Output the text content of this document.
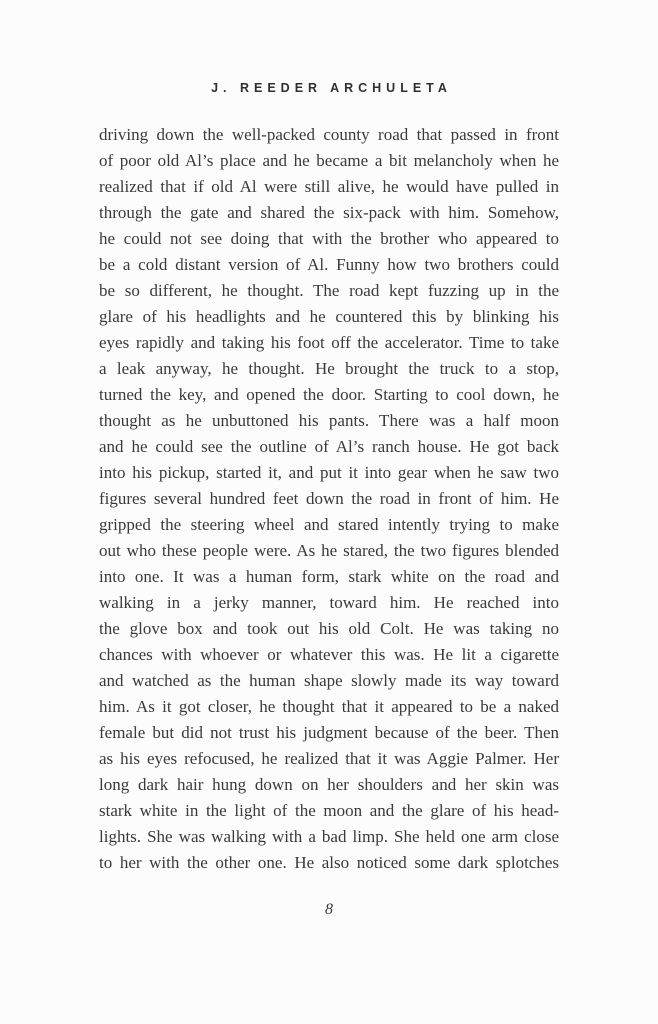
J. REEDER ARCHULETA

driving down the well-packed county road that passed in front

of poor old Al’s place and he became a bit melancholy when he

realized that if old Al were still alive, he would have pulled in

through the gate and shared the six-pack with him. Somehow,

he could not see doing that with the brother who appeared to

be a cold distant version of Al. Funny how two brothers could

be so different, he thought. The road kept fuzzing up in the

glare of his headlights and he countered this by blinking his

eyes rapidly and taking his foot off the accelerator. Time to take

a leak anyway, he thought. He brought the truck to a stop,

turned the key, and opened the door. Starting to cool down, he

thought as he unbuttoned his pants. There was a half moon

and he could see the outline of Al’s ranch house. He got back

into his pickup, started it, and put it into gear when he saw two

figures several hundred feet down the road in front of him. He

gripped the steering wheel and stared intently trying to make

out who these people were. As he stared, the two figures blended

into one. It was a human form, stark white on the road and

walking in a jerky manner, toward him. He reached into

the glove box and took out his old Colt. He was taking no

chances with whoever or whatever this was. He lit a cigarette

and watched as the human shape slowly made its way toward

him. As it got closer, he thought that it appeared to be a naked

female but did not trust his judgment because of the beer. Then

as his eyes refocused, he realized that it was Aggie Palmer. Her

long dark hair hung down on her shoulders and her skin was

stark white in the light of the moon and the glare of his head-

lights. She was walking with a bad limp. She held one arm close

to her with the other one. He also noticed some dark splotches

8
